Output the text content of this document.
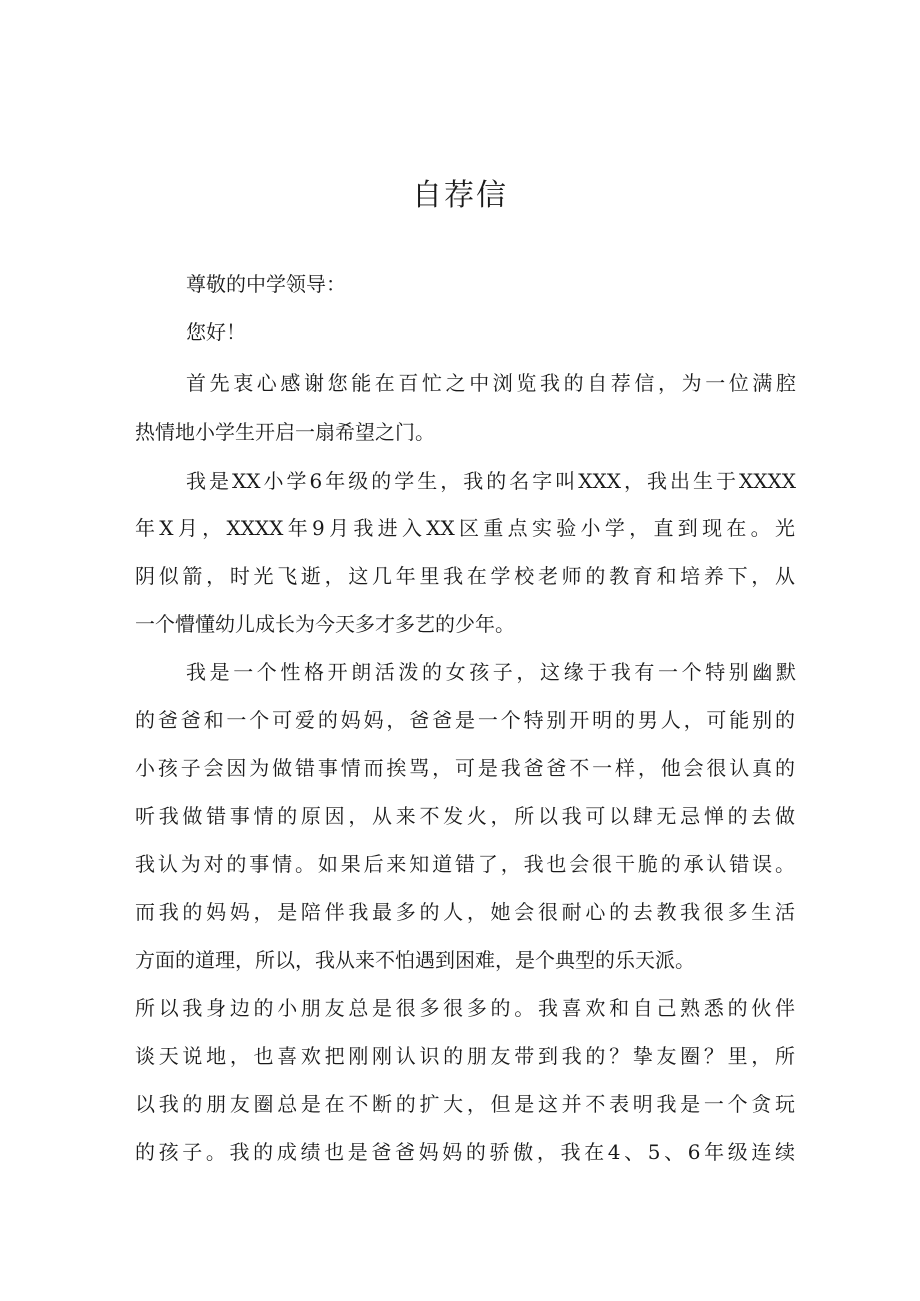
自荐信

尊敬的中学领导：

您好！

首先衷心感谢您能在百忙之中浏览我的自荐信，为一位满腔

热情地小学生开启一扇希望之门。

我是XX小学6年级的学生，我的名字叫XXX，我出生于XXXX

年X月，XXXX年9月我进入XX区重点实验小学，直到现在。光

阴似箭，时光飞逝，这几年里我在学校老师的教育和培养下，从

一个懵懂幼儿成长为今天多才多艺的少年。

我是一个性格开朗活泼的女孩子，这缘于我有一个特别幽默

的爸爸和一个可爱的妈妈，爸爸是一个特别开明的男人，可能别的

小孩子会因为做错事情而挨骂，可是我爸爸不一样，他会很认真的

听我做错事情的原因，从来不发火，所以我可以肆无忌惮的去做

我认为对的事情。如果后来知道错了，我也会很干脆的承认错误。

而我的妈妈，是陪伴我最多的人，她会很耐心的去教我很多生活

方面的道理，所以，我从来不怕遇到困难，是个典型的乐天派。

所以我身边的小朋友总是很多很多的。我喜欢和自己熟悉的伙伴

谈天说地，也喜欢把刚刚认识的朋友带到我的？挚友圈？里，所

以我的朋友圈总是在不断的扩大，但是这并不表明我是一个贪玩

的孩子。我的成绩也是爸爸妈妈的骄傲，我在4、5、6年级连续
